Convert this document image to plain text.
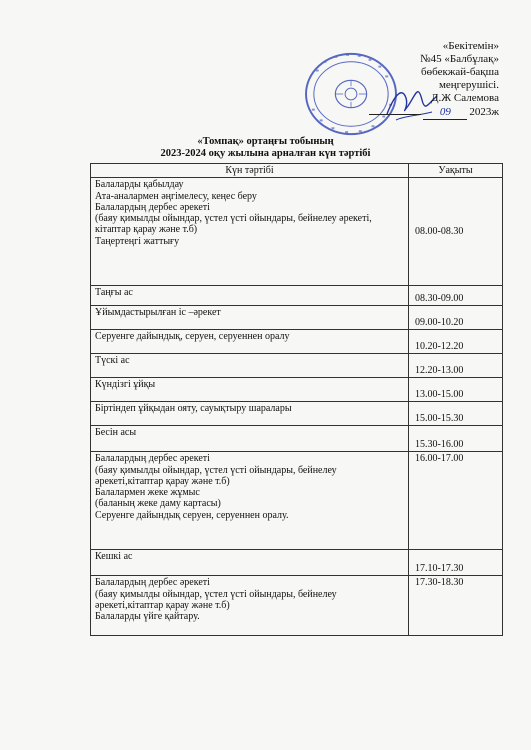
«Бекітемін»
№45 «Балбұлақ»
бөбекжай-бақша
меңгерушісі.
Д.Ж Салемова
09	2023ж
«Томпақ» ортаңғы тобының
2023-2024 оқу жылына арналған күн тәртібі
Күн тәртібі	Уақыты

Балаларды қабылдау
Ата-аналармен әңгімелесу, кеңес беру
Балалардың дербес әрекеті
(баяу қимылды ойындар, үстел үсті ойындары, бейнелеу әрекеті, кітаптар қарау және т.б)
Таңертеңгі жаттығу	08.00-08.30

Таңғы ас	08.30-09.00

Ұйымдастырылған іс –әрекет	09.00-10.20

Серуенге дайындық, серуен, серуеннен оралу	10.20-12.20

Түскі ас	12.20-13.00

Күндізгі ұйқы	13.00-15.00

Біртіндеп ұйқыдан ояту, сауықтыру шаралары	15.00-15.30

Бесін асы	15.30-16.00

Балалардың дербес әрекеті
(баяу қимылды ойындар, үстел үсті ойындары, бейнелеу әрекеті,кітаптар қарау және т.б)
Балалармен жеке жұмыс
(баланың жеке даму картасы)
Серуенге дайындық серуен, серуеннен оралу.	16.00-17.00

Кешкі ас	17.10-17.30

Балалардың дербес әрекеті
(баяу қимылды ойындар, үстел үсті ойындары, бейнелеу әрекеті,кітаптар қарау және т.б)
Балаларды үйге қайтару.	17.30-18.30
